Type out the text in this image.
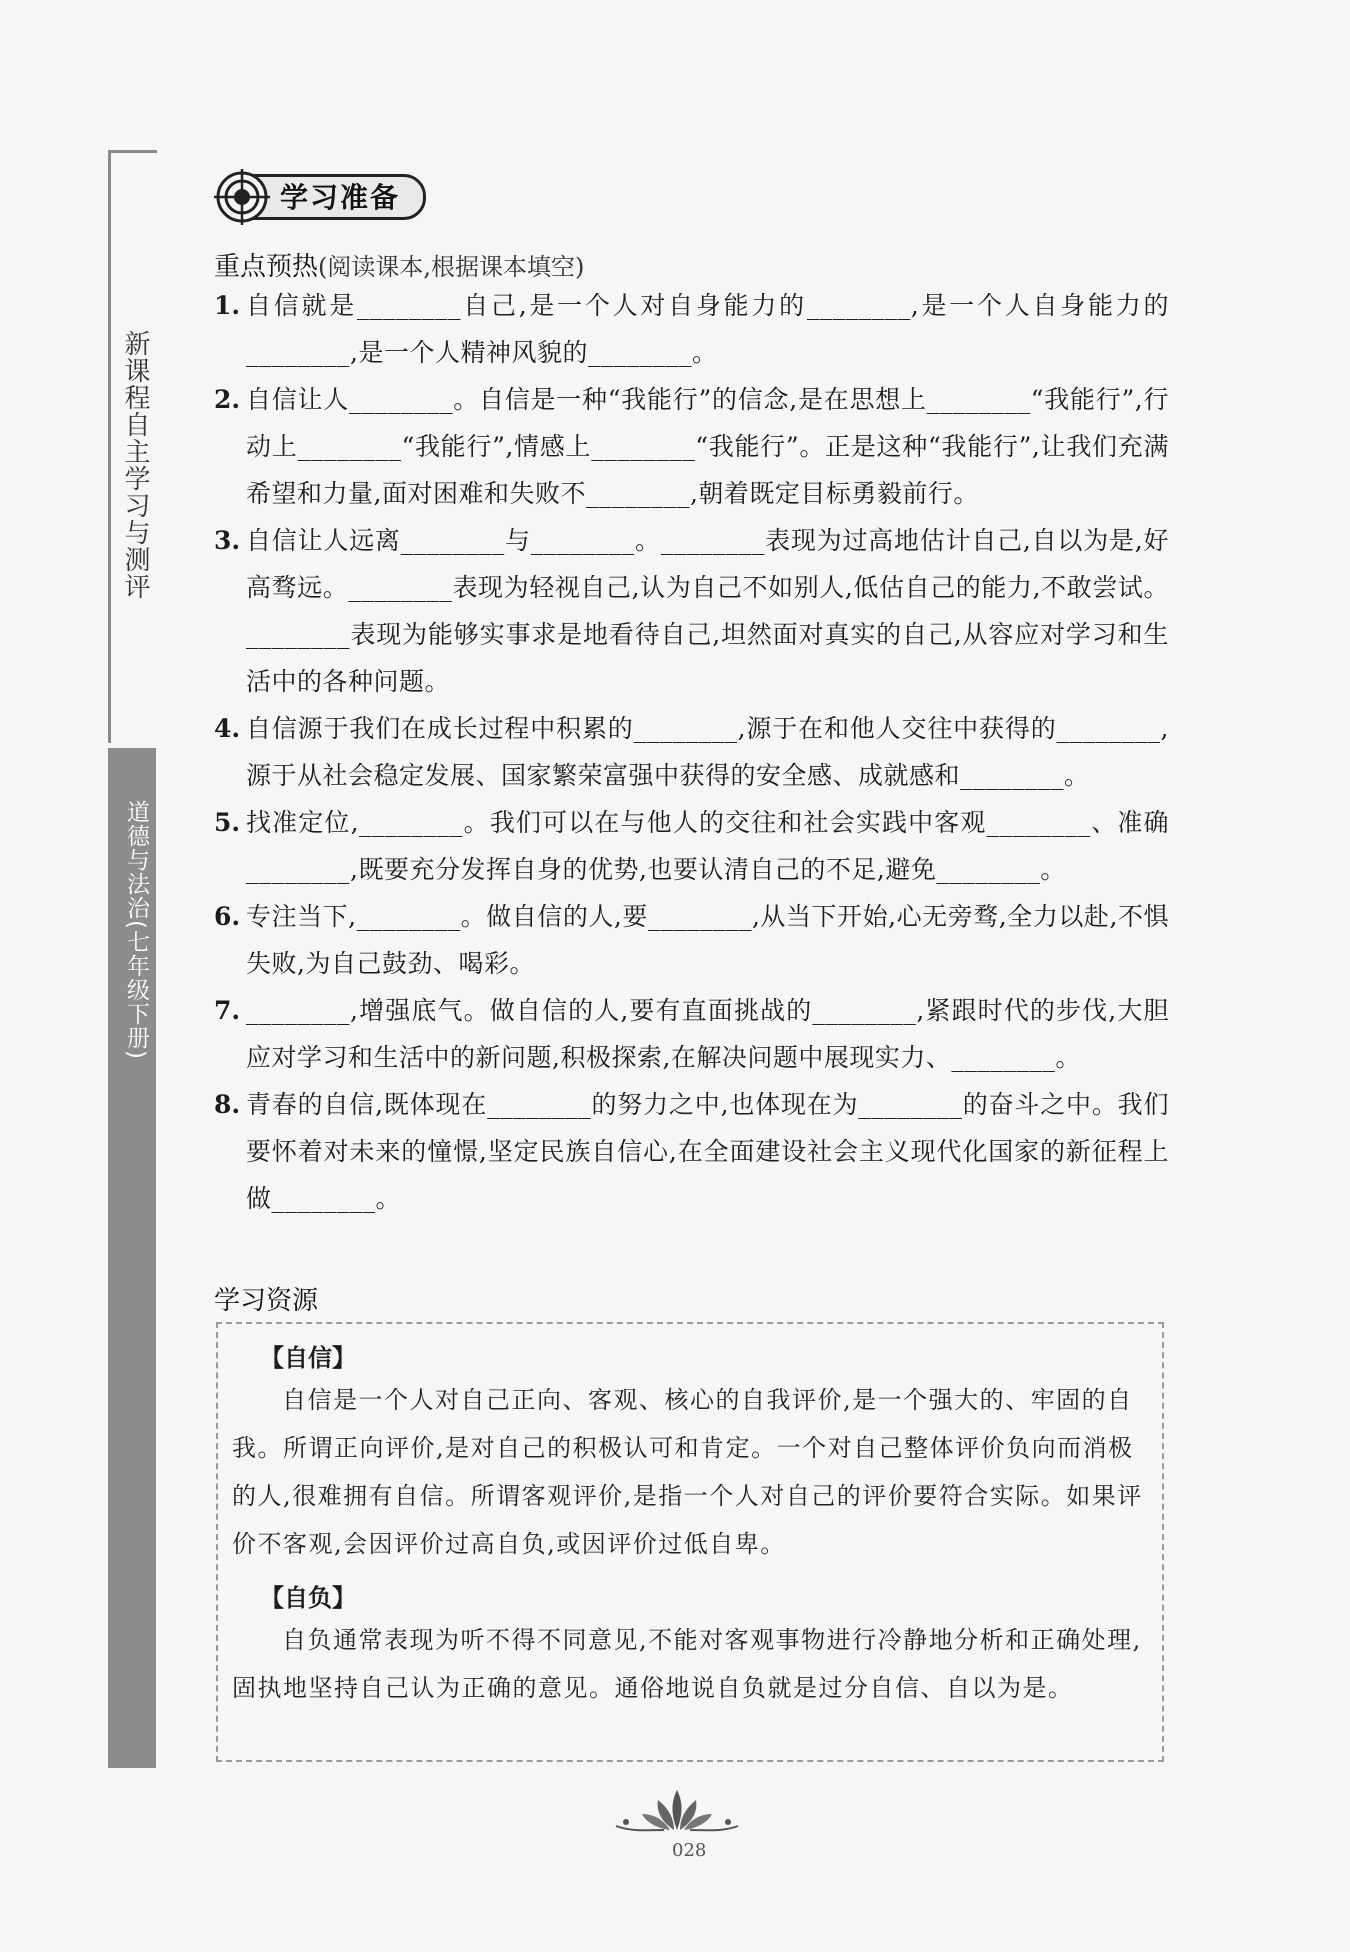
新课程自主学习与测评
道德与法治(七年级下册)
学习准备
重点预热(阅读课本,根据课本填空)
1. 自信就是________自己,是一个人对自身能力的________,是一个人自身能力的________,是一个人精神风貌的________。
2. 自信让人________。自信是一种“我能行”的信念,是在思想上________“我能行”,行动上________“我能行”,情感上________“我能行”。正是这种“我能行”,让我们充满希望和力量,面对困难和失败不________,朝着既定目标勇毅前行。
3. 自信让人远离________与________。________表现为过高地估计自己,自以为是,好高骛远。________表现为轻视自己,认为自己不如别人,低估自己的能力,不敢尝试。________表现为能够实事求是地看待自己,坦然面对真实的自己,从容应对学习和生活中的各种问题。
4. 自信源于我们在成长过程中积累的________,源于在和他人交往中获得的________,源于从社会稳定发展、国家繁荣富强中获得的安全感、成就感和________。
5. 找准定位,________。我们可以在与他人的交往和社会实践中客观________、准确________,既要充分发挥自身的优势,也要认清自己的不足,避免________。
6. 专注当下,________。做自信的人,要________,从当下开始,心无旁骛,全力以赴,不惧失败,为自己鼓劲、喝彩。
7. ________,增强底气。做自信的人,要有直面挑战的________,紧跟时代的步伐,大胆应对学习和生活中的新问题,积极探索,在解决问题中展现实力、________。
8. 青春的自信,既体现在________的努力之中,也体现在为________的奋斗之中。我们要怀着对未来的憧憬,坚定民族自信心,在全面建设社会主义现代化国家的新征程上做________。
学习资源
【自信】
自信是一个人对自己正向、客观、核心的自我评价,是一个强大的、牢固的自我。所谓正向评价,是对自己的积极认可和肯定。一个对自己整体评价负向而消极的人,很难拥有自信。所谓客观评价,是指一个人对自己的评价要符合实际。如果评价不客观,会因评价过高自负,或因评价过低自卑。
【自负】
自负通常表现为听不得不同意见,不能对客观事物进行冷静地分析和正确处理,固执地坚持自己认为正确的意见。通俗地说自负就是过分自信、自以为是。
028
